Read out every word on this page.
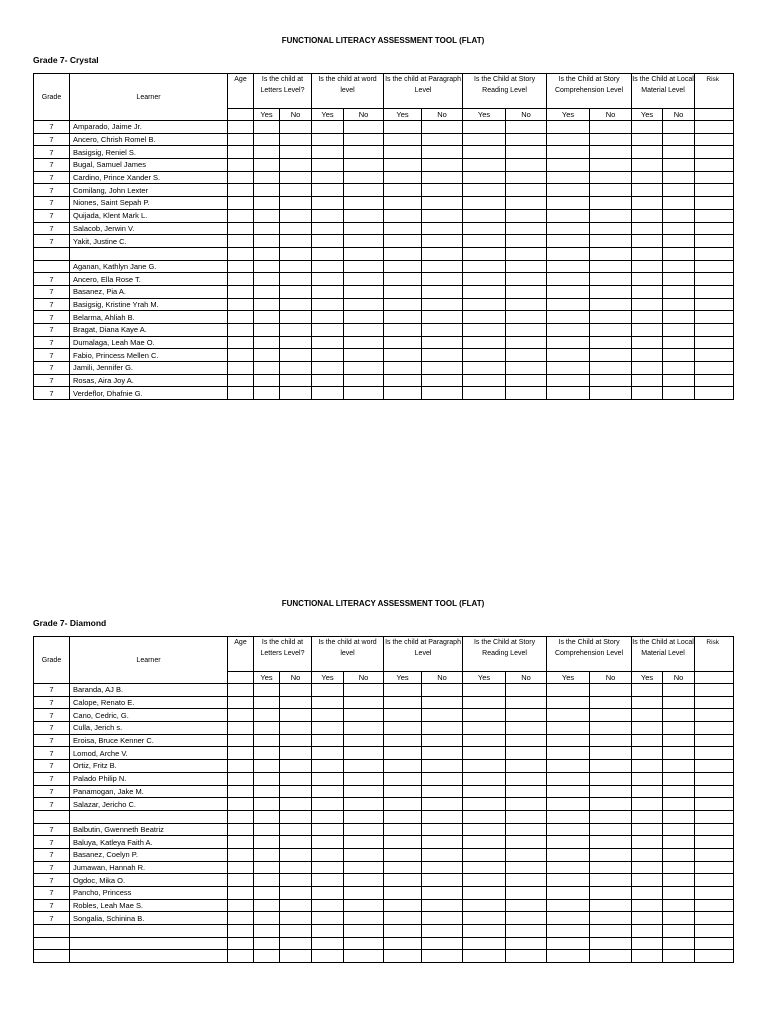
FUNCTIONAL LITERACY ASSESSMENT TOOL (FLAT)
Grade 7- Crystal
Grade	Learner	Age	Is the child at Letters Level?		Is the child at word level		Is the child at Paragraph Level		Is the Child at Story Reading Level		Is the Child at Story Comprehension Level		Is the Child at Local Material Level		Risk
			Yes	No	Yes	No	Yes	No	Yes	No	Yes	No	Yes	No	
7	Amparado, Jaime Jr.														
7	Ancero, Chrish Romel B.														
7	Basigsig, Reniel S.														
7	Bugal, Samuel James														
7	Cardino, Prince Xander S.														
7	Comilang, John Lexter														
7	Niones, Saint Sepah P.														
7	Quijada, Klent Mark L.														
7	Salacob, Jerwin V.														
7	Yakit, Justine C.														

	Aganan, Kathlyn Jane G.														
7	Ancero, Ella Rose T.														
7	Basanez, Pia A.														
7	Basigsig, Kristine Yrah M.														
7	Belarma, Ahliah B.														
7	Bragat, Diana Kaye A.														
7	Dumalaga, Leah Mae O.														
7	Fabio, Princess Mellen C.														
7	Jamili, Jennifer G.														
7	Rosas, Aira Joy A.														
7	Verdeflor, Dhafnie G.														
FUNCTIONAL LITERACY ASSESSMENT TOOL (FLAT)
Grade 7- Diamond
Grade	Learner	Age	Is the child at Letters Level?		Is the child at word level		Is the child at Paragraph Level		Is the Child at Story Reading Level		Is the Child at Story Comprehension Level		Is the Child at Local Material Level		Risk
			Yes	No	Yes	No	Yes	No	Yes	No	Yes	No	Yes	No	
7	Baranda, AJ B.														
7	Calope, Renato E.														
7	Cano, Cedric, G.														
7	Culla, Jerich s.														
7	Eroisa, Bruce Kenner C.														
7	Lomod, Arche V.														
7	Ortiz, Fritz B.														
7	Palado Philip N.														
7	Panamogan, Jake M.														
7	Salazar, Jericho C.														

7	Balbutin, Gwenneth Beatriz														
7	Baluya, Katleya Faith A.														
7	Basanez, Coelyn P.														
7	Jumawan, Hannah R.														
7	Ogdoc, Mika O.														
7	Pancho, Princess														
7	Robles, Leah Mae S.														
7	Songalia, Schinina B.														
